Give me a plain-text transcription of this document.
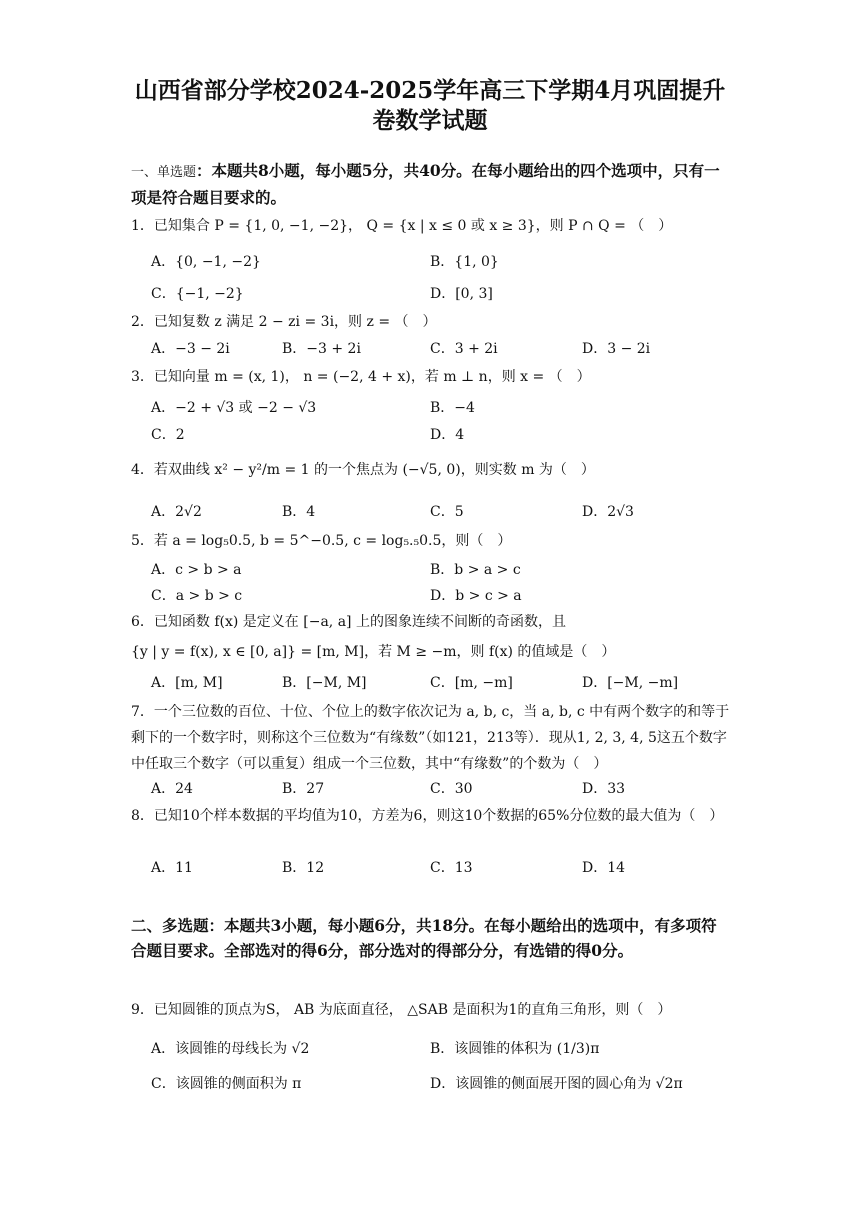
山西省部分学校2024-2025学年高三下学期4月巩固提升
卷数学试题
一、单选题：本题共8小题，每小题5分，共40分。在每小题给出的四个选项中，只有一项是符合题目要求的。
1．已知集合 P = {1, 0, −1, −2}， Q = {x | x ≤ 0 或 x ≥ 3}，则 P ∩ Q = （　）
A．{0, −1, −2}	B．{1, 0}
C．{−1, −2}	D．[0, 3]
2．已知复数 z 满足 2 − zi = 3i，则 z = （　）
A．−3 − 2i	B．−3 + 2i	C．3 + 2i	D．3 − 2i
3．已知向量 m = (x, 1)， n = (−2, 4 + x)，若 m ⊥ n，则 x = （　）
A．−2 + √3 或 −2 − √3	B．−4
C．2	D．4
4．若双曲线 x² − y²/m = 1 的一个焦点为 (−√5, 0)，则实数 m 为（　）
A．2√2	B．4	C．5	D．2√3
5．若 a = log₅0.5, b = 5^−0.5, c = log₅.₅0.5，则（　）
A．c > b > a	B．b > a > c
C．a > b > c	D．b > c > a
6．已知函数 f(x) 是定义在 [−a, a] 上的图象连续不间断的奇函数，且
{y | y = f(x), x ∈ [0, a]} = [m, M]，若 M ≥ −m，则 f(x) 的值域是（　）
A．[m, M]	B．[−M, M]	C．[m, −m]	D．[−M, −m]
7．一个三位数的百位、十位、个位上的数字依次记为 a, b, c，当 a, b, c 中有两个数字的和等于剩下的一个数字时，则称这个三位数为“有缘数”（如121，213等）．现从1, 2, 3, 4, 5这五个数字中任取三个数字（可以重复）组成一个三位数，其中“有缘数”的个数为（　）
A．24	B．27	C．30	D．33
8．已知10个样本数据的平均值为10，方差为6，则这10个数据的65%分位数的最大值为（　）
A．11	B．12	C．13	D．14
二、多选题：本题共3小题，每小题6分，共18分。在每小题给出的选项中，有多项符合题目要求。全部选对的得6分，部分选对的得部分分，有选错的得0分。
9．已知圆锥的顶点为S， AB 为底面直径， △SAB 是面积为1的直角三角形，则（　）
A．该圆锥的母线长为 √2	B．该圆锥的体积为 (1/3)π
C．该圆锥的侧面积为 π	D．该圆锥的侧面展开图的圆心角为 √2π
